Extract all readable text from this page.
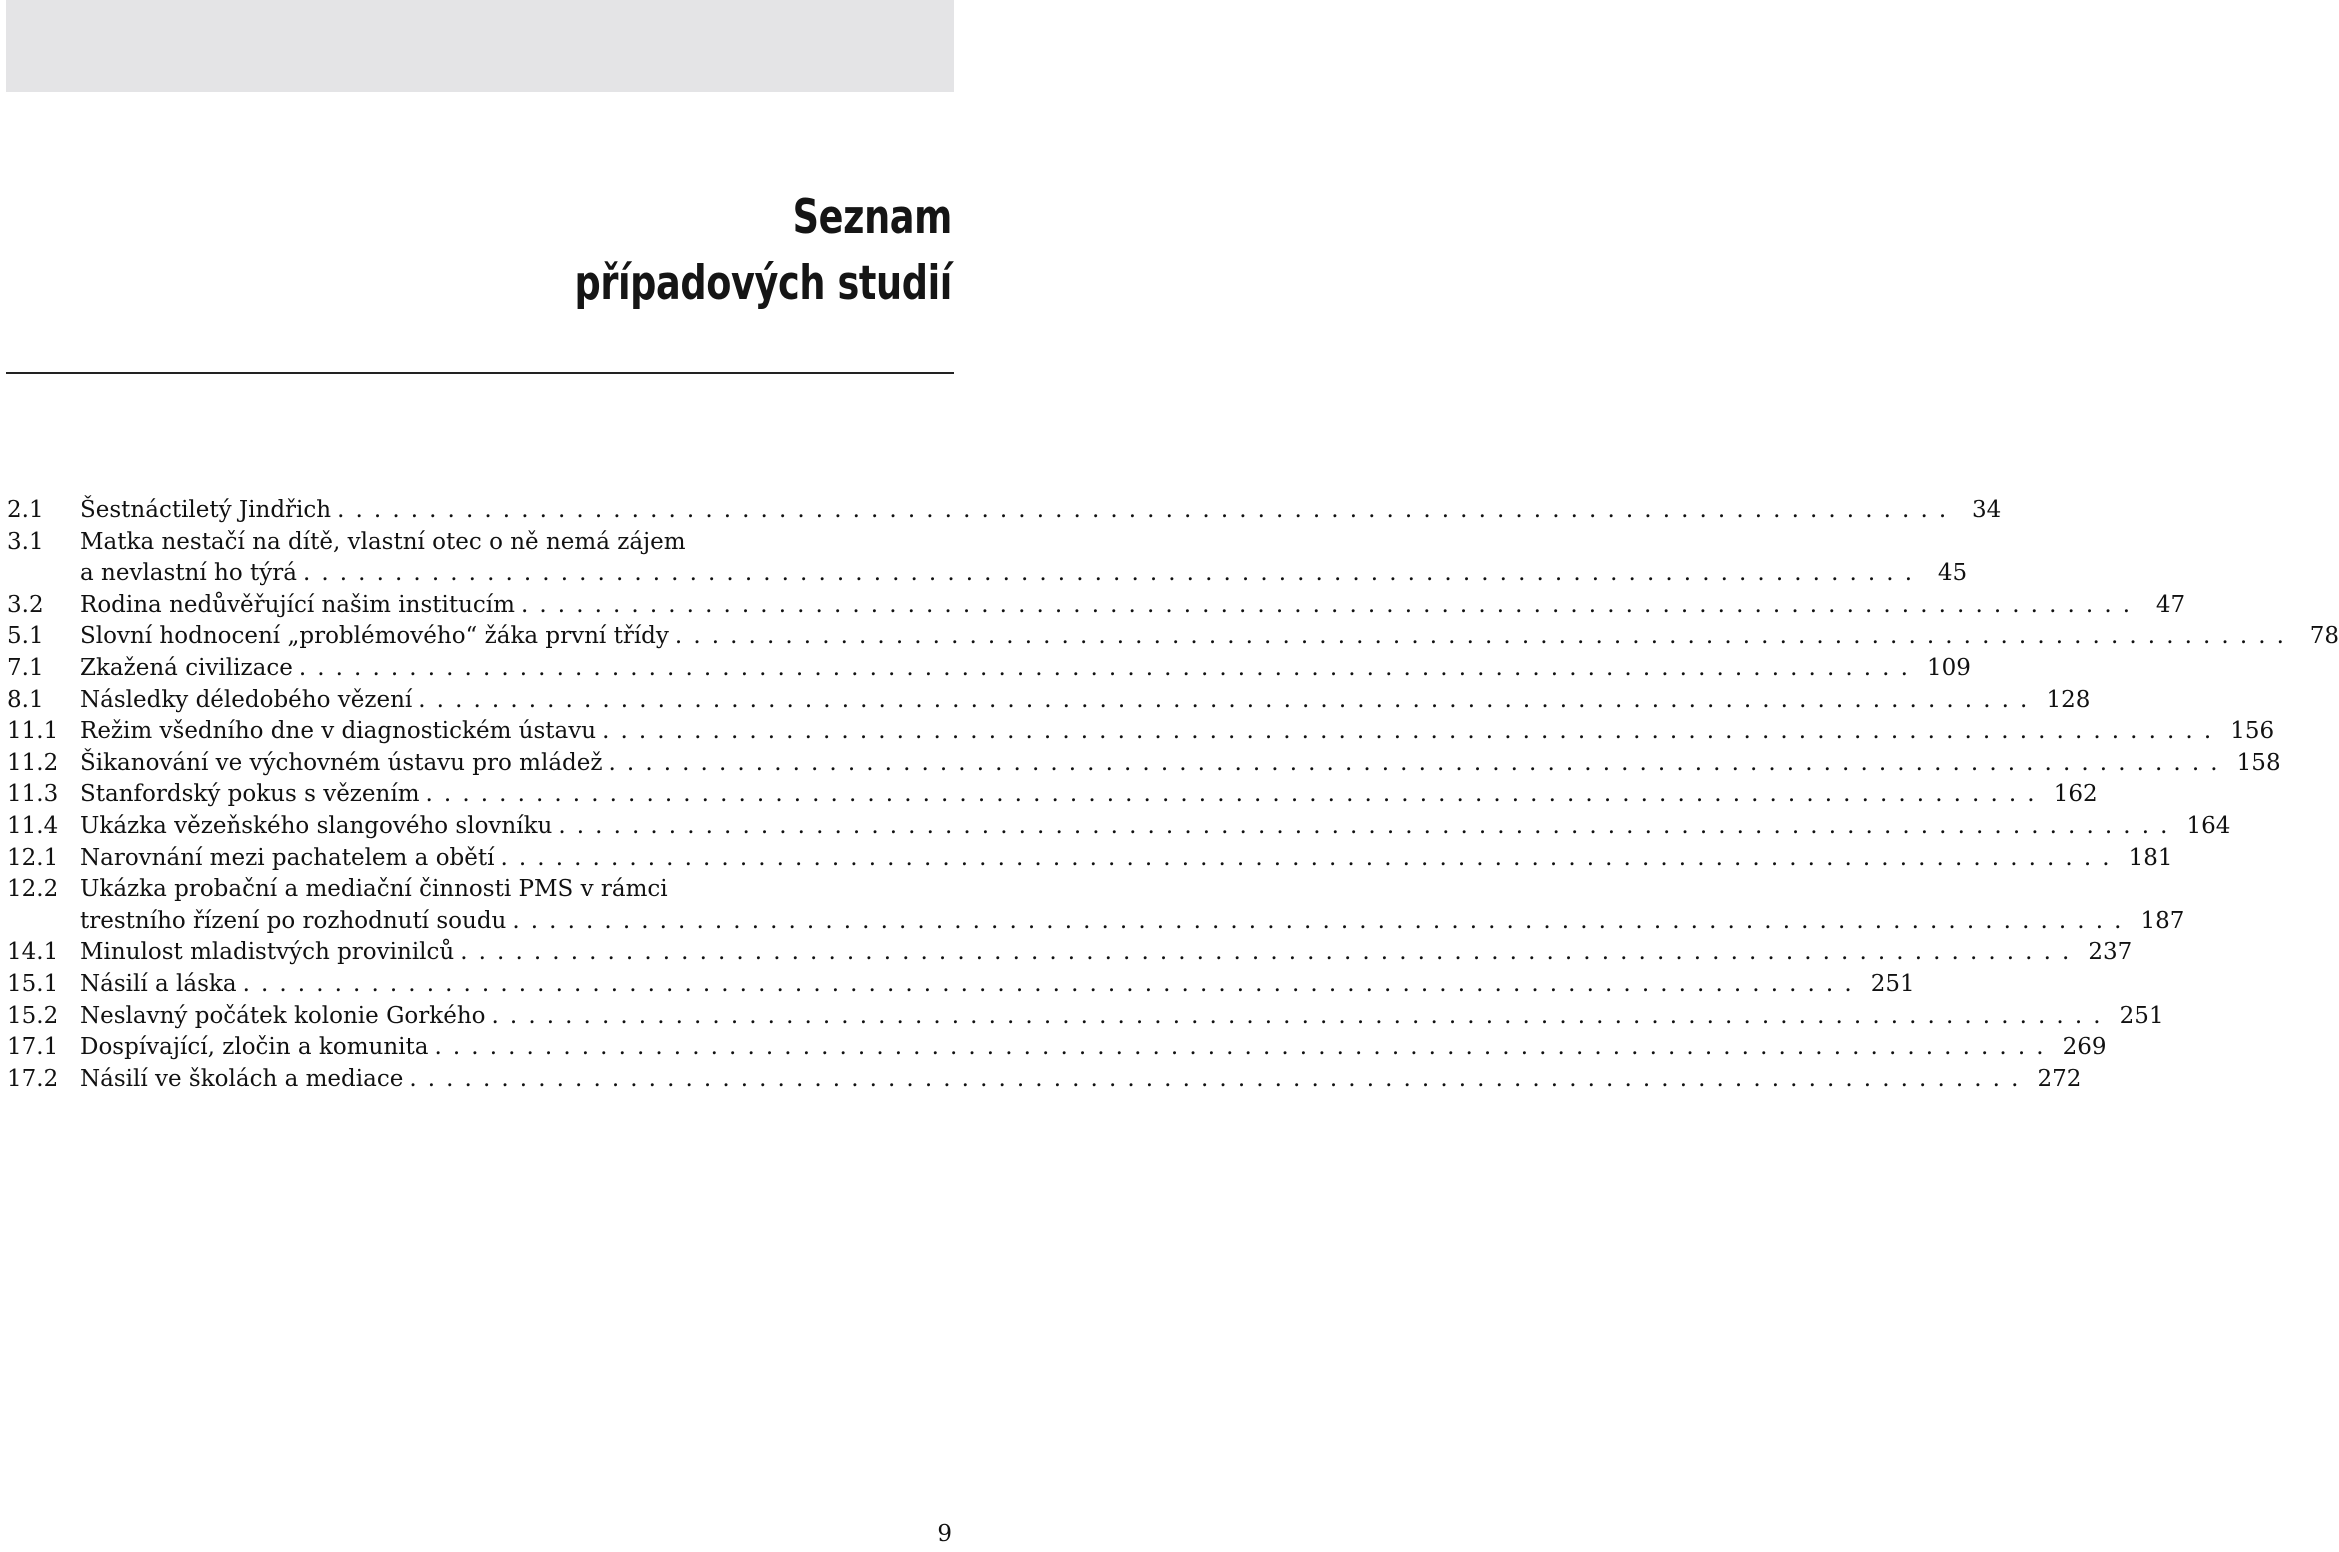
Seznam
případových studií
2.1 Šestnáctiletý Jindřich ........................................................................................ 34
3.1 Matka nestačí na dítě, vlastní otec o ně nemá zájem
a nevlastní ho týrá ........................................................................................ 45
3.2 Rodina nedůvěřující našim institucím ........................................................................................ 47
5.1 Slovní hodnocení „problémového“ žáka první třídy ........................................................................................ 78
7.1 Zkažená civilizace ........................................................................................ 109
8.1 Následky déledobého vězení ........................................................................................ 128
11.1 Režim všedního dne v diagnostickém ústavu ........................................................................................ 156
11.2 Šikanování ve výchovném ústavu pro mládež ........................................................................................ 158
11.3 Stanfordský pokus s vězením ........................................................................................ 162
11.4 Ukázka vězeňského slangového slovníku ........................................................................................ 164
12.1 Narovnání mezi pachatelem a obětí ........................................................................................ 181
12.2 Ukázka probační a mediační činnosti PMS v rámci
trestního řízení po rozhodnutí soudu ........................................................................................ 187
14.1 Minulost mladistvých provinilců ........................................................................................ 237
15.1 Násilí a láska ........................................................................................ 251
15.2 Neslavný počátek kolonie Gorkého ........................................................................................ 251
17.1 Dospívající, zločin a komunita ........................................................................................ 269
17.2 Násilí ve školách a mediace ........................................................................................ 272
9
